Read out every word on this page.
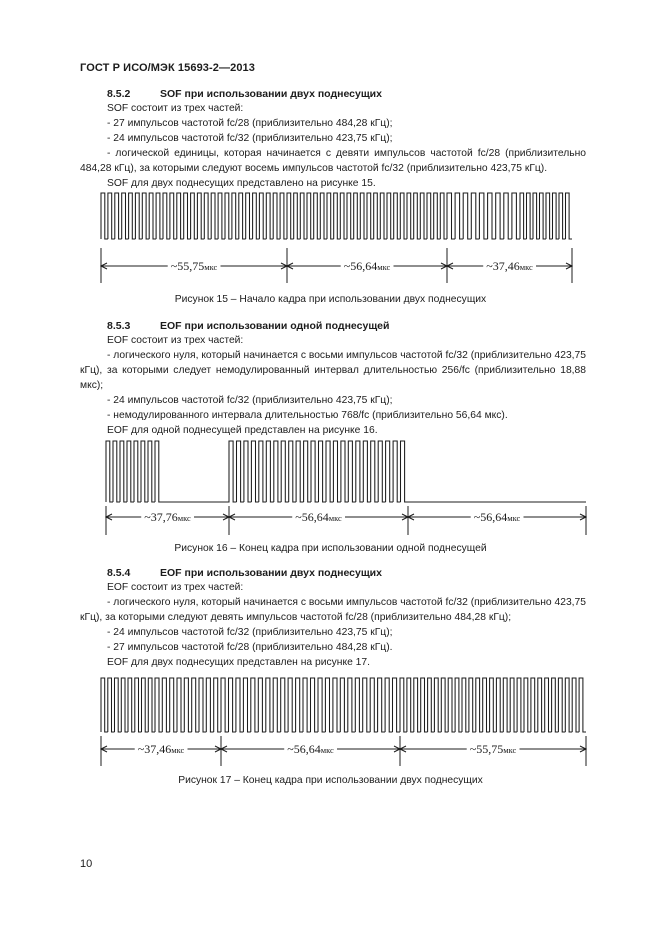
ГОСТ Р ИСО/МЭК 15693-2—2013
8.5.2	SOF при использовании двух поднесущих

SOF состоит из трех частей:

- 27 импульсов частотой fc/28 (приблизительно 484,28 кГц);

- 24 импульсов частотой fc/32 (приблизительно 423,75 кГц);

- логической единицы, которая начинается с девяти импульсов частотой fc/28 (приблизительно 484,28 кГц), за которыми следуют восемь импульсов частотой fc/32 (приблизительно 423,75 кГц).

SOF для двух поднесущих представлено на рисунке 15.

~55,75мкс	~56,64мкс	~37,46мкс
~37,76мкс	~56,64мкс	~56,64мкс
~37,46мкс	~56,64мкс	~55,75мкс
Рисунок 15 – Начало кадра при использовании двух поднесущих
8.5.3	EOF при использовании одной поднесущей

EOF состоит из трех частей:

- логического нуля, который начинается с восьми импульсов частотой fc/32 (приблизительно 423,75 кГц), за которыми следует немодулированный интервал длительностью 256/fc (приблизительно 18,88 мкс);

- 24 импульсов частотой fc/32 (приблизительно 423,75 кГц);

- немодулированного интервала длительностью 768/fc (приблизительно 56,64 мкс).

EOF для одной поднесущей представлен на рисунке 16.

Рисунок 16 – Конец кадра при использовании одной поднесущей
8.5.4	EOF при использовании двух поднесущих

EOF состоит из трех частей:

- логического нуля, который начинается с восьми импульсов частотой fc/32 (приблизительно 423,75 кГц), за которыми следуют девять импульсов частотой fc/28 (приблизительно 484,28 кГц);

- 24 импульсов частотой fc/32 (приблизительно 423,75 кГц);

- 27 импульсов частотой fc/28 (приблизительно 484,28 кГц).

EOF для двух поднесущих представлен на рисунке 17.

Рисунок 17 – Конец кадра при использовании двух поднесущих
10
